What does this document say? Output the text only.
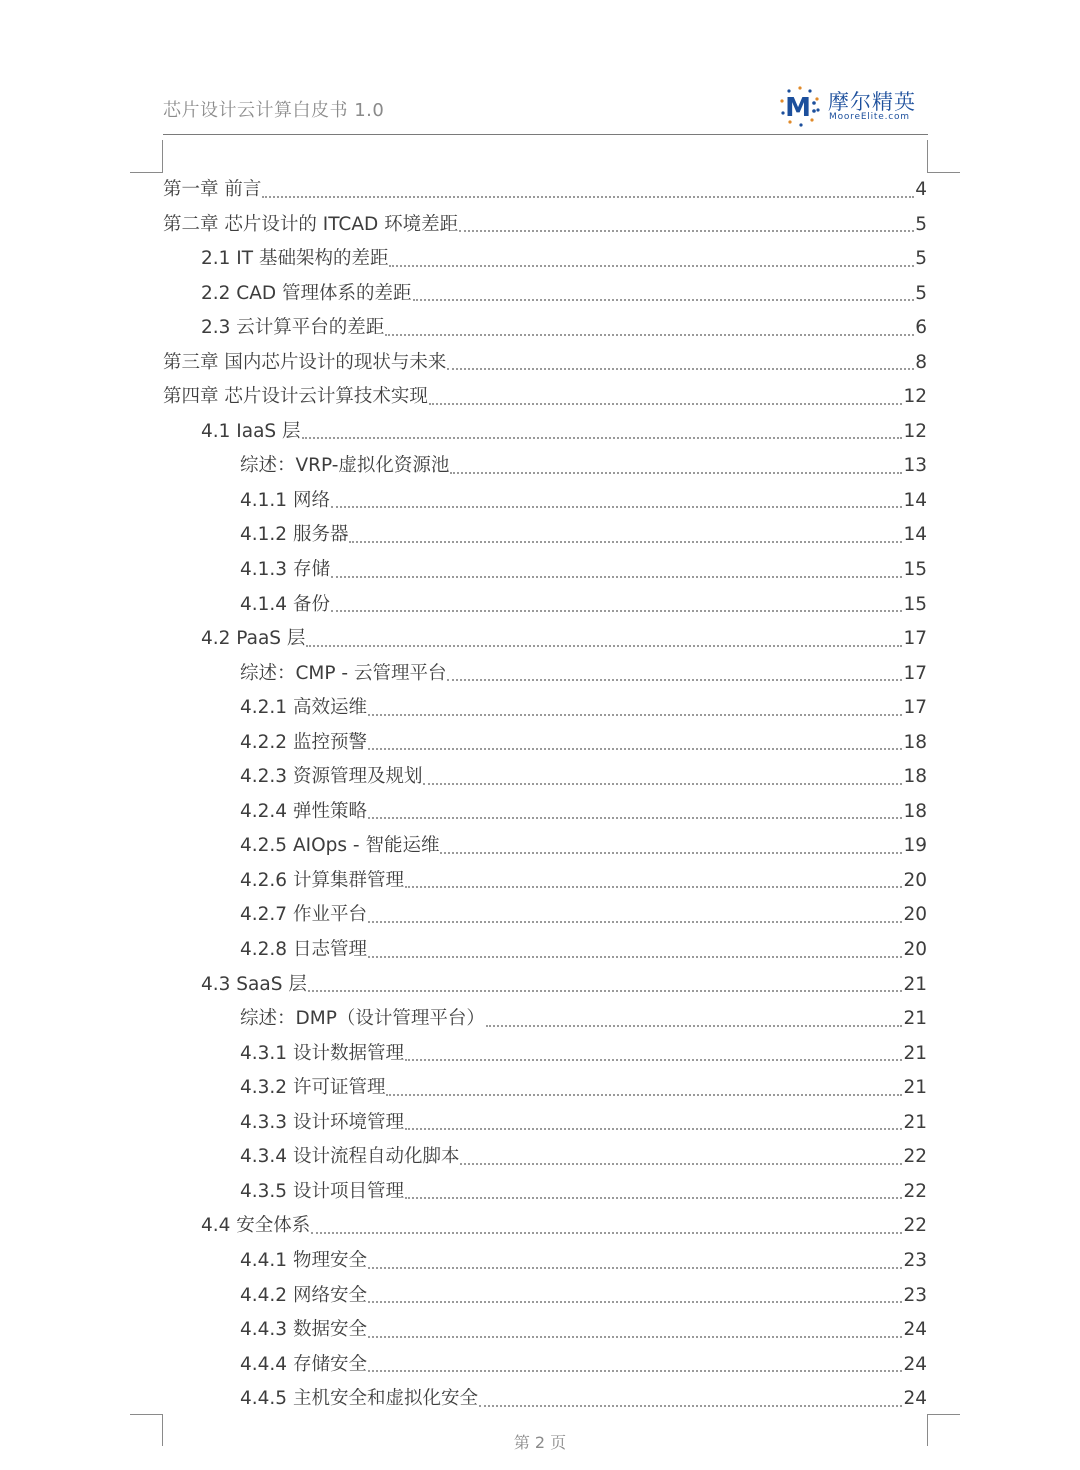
芯片设计云计算白皮书 1.0	M 摩尔精英
MooreElite.com
第一章 前言	4
第二章 芯片设计的 ITCAD 环境差距	5
2.1 IT 基础架构的差距	5
2.2 CAD 管理体系的差距	5
2.3 云计算平台的差距	6
第三章 国内芯片设计的现状与未来	8
第四章 芯片设计云计算技术实现	12
4.1 IaaS 层	12
综述：VRP-虚拟化资源池	13
4.1.1 网络	14
4.1.2 服务器	14
4.1.3 存储	15
4.1.4 备份	15
4.2 PaaS 层	17
综述：CMP - 云管理平台	17
4.2.1 高效运维	17
4.2.2 监控预警	18
4.2.3 资源管理及规划	18
4.2.4 弹性策略	18
4.2.5 AIOps - 智能运维	19
4.2.6 计算集群管理	20
4.2.7 作业平台	20
4.2.8 日志管理	20
4.3 SaaS 层	21
综述：DMP（设计管理平台）	21
4.3.1 设计数据管理	21
4.3.2 许可证管理	21
4.3.3 设计环境管理	21
4.3.4 设计流程自动化脚本	22
4.3.5 设计项目管理	22
4.4 安全体系	22
4.4.1 物理安全	23
4.4.2 网络安全	23
4.4.3 数据安全	24
4.4.4 存储安全	24
4.4.5 主机安全和虚拟化安全	24
第 2 页
